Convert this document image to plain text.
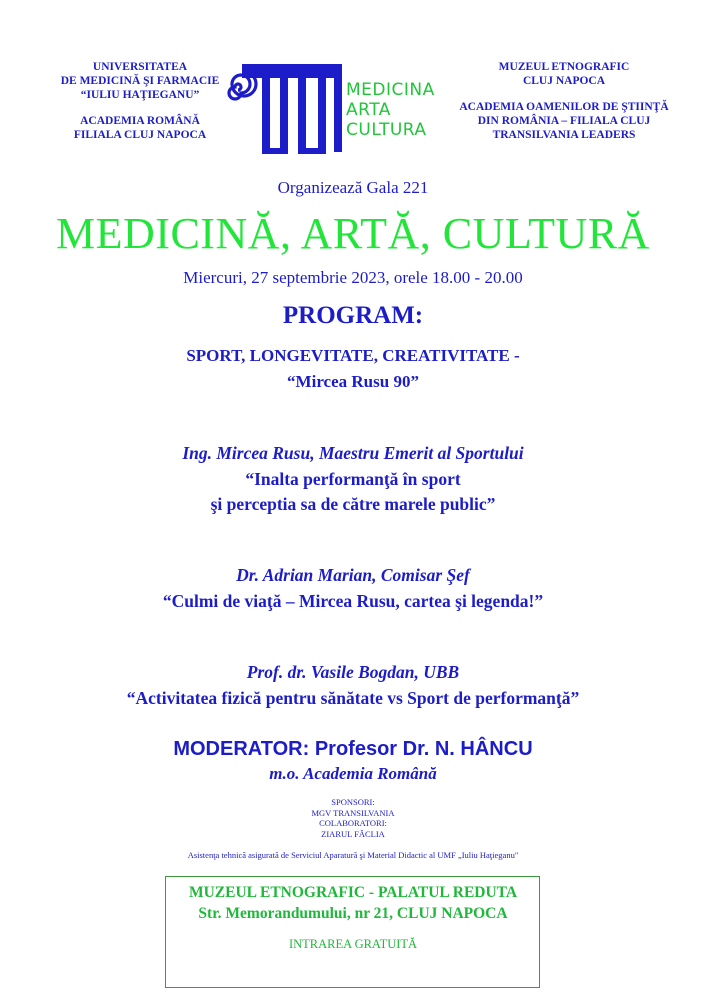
UNIVERSITATEA
DE MEDICINĂ ŞI FARMACIE
“IULIU HAŢIEGANU”
ACADEMIA ROMÂNĂ
FILIALA CLUJ NAPOCA
MEDICINA
ARTA
CULTURA
MUZEUL ETNOGRAFIC
CLUJ NAPOCA
ACADEMIA OAMENILOR DE ŞTIINŢĂ
DIN ROMÂNIA – FILIALA CLUJ
TRANSILVANIA LEADERS
Organizează Gala 221
MEDICINĂ, ARTĂ, CULTURĂ
Miercuri, 27 septembrie 2023, orele 18.00 - 20.00
PROGRAM:
SPORT, LONGEVITATE, CREATIVITATE -
“Mircea Rusu 90”
Ing. Mircea Rusu, Maestru Emerit al Sportului
“Inalta performanţă în sport
şi perceptia sa de către marele public”
Dr. Adrian Marian, Comisar Şef
“Culmi de viaţă – Mircea Rusu, cartea şi legenda!”
Prof. dr. Vasile Bogdan, UBB
“Activitatea fizică pentru sănătate vs Sport de performanţă”
MODERATOR: Profesor Dr. N. HÂNCU
m.o. Academia Română
SPONSORI:
MGV TRANSILVANIA
COLABORATORI:
ZIARUL FĂCLIA
Asistenţa tehnică asigurată de Serviciul Aparatură şi Material Didactic al UMF „Iuliu Haţieganu"
MUZEUL ETNOGRAFIC - PALATUL REDUTA
Str. Memorandumului, nr 21, CLUJ NAPOCA
INTRAREA GRATUITĂ
